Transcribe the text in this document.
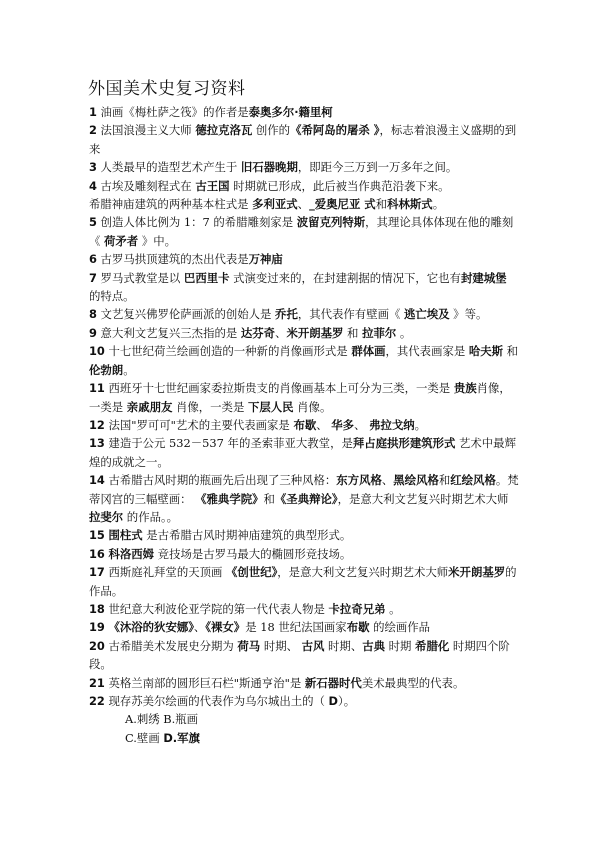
外国美术史复习资料
1 油画《梅杜萨之筏》的作者是泰奥多尔·籍里柯
2 法国浪漫主义大师 德拉克洛瓦 创作的《希阿岛的屠杀 》，标志着浪漫主义盛期的到来
3 人类最早的造型艺术产生于 旧石器晚期，即距今三万到一万多年之间。
4 古埃及雕刻程式在 古王国 时期就已形成，此后被当作典范沿袭下来。
希腊神庙建筑的两种基本柱式是 多利亚式、_爱奥尼亚 式和科林斯式。
5 创造人体比例为 1：7 的希腊雕刻家是 波留克列特斯，其理论具体体现在他的雕刻《 荷矛者 》中。
6 古罗马拱顶建筑的杰出代表是万神庙
7 罗马式教堂是以 巴西里卡 式演变过来的，在封建割据的情况下，它也有封建城堡 的特点。
8 文艺复兴佛罗伦萨画派的创始人是 乔托，其代表作有壁画《 逃亡埃及 》等。
9 意大利文艺复兴三杰指的是 达芬奇、米开朗基罗 和 拉菲尔 。
10 十七世纪荷兰绘画创造的一种新的肖像画形式是 群体画，其代表画家是 哈夫斯 和 伦勃朗。
11 西班牙十七世纪画家委拉斯贵支的肖像画基本上可分为三类，一类是 贵族肖像，一类是 亲戚朋友 肖像，一类是 下层人民 肖像。
12 法国"罗可可"艺术的主要代表画家是 布歇、 华多、 弗拉戈纳。
13 建造于公元 532－537 年的圣索菲亚大教堂，是拜占庭拱形建筑形式 艺术中最辉煌的成就之一。
14 古希腊古风时期的瓶画先后出现了三种风格：东方风格、黑绘风格和红绘风格。梵蒂冈宫的三幅壁画： 《雅典学院》和《圣典辩论》，是意大利文艺复兴时期艺术大师 拉斐尔 的作品。。
15 围柱式 是古希腊古风时期神庙建筑的典型形式。
16 科洛西姆 竞技场是古罗马最大的椭圆形竞技场。
17 西斯庭礼拜堂的天顶画 《创世纪》，是意大利文艺复兴时期艺术大师米开朗基罗的作品。
18 世纪意大利波伦亚学院的第一代代表人物是 卡拉奇兄弟 。
19 《沐浴的狄安娜》、《裸女》是 18 世纪法国画家布歇 的绘画作品
20 古希腊美术发展史分期为 荷马 时期、 古风 时期、古典 时期 希腊化 时期四个阶段。
21 英格兰南部的圆形巨石栏"斯通亨治"是 新石器时代美术最典型的代表。
22 现存苏美尔绘画的代表作为乌尔城出土的（ D）。
A.刺绣 B.瓶画
C.壁画 D.军旗
